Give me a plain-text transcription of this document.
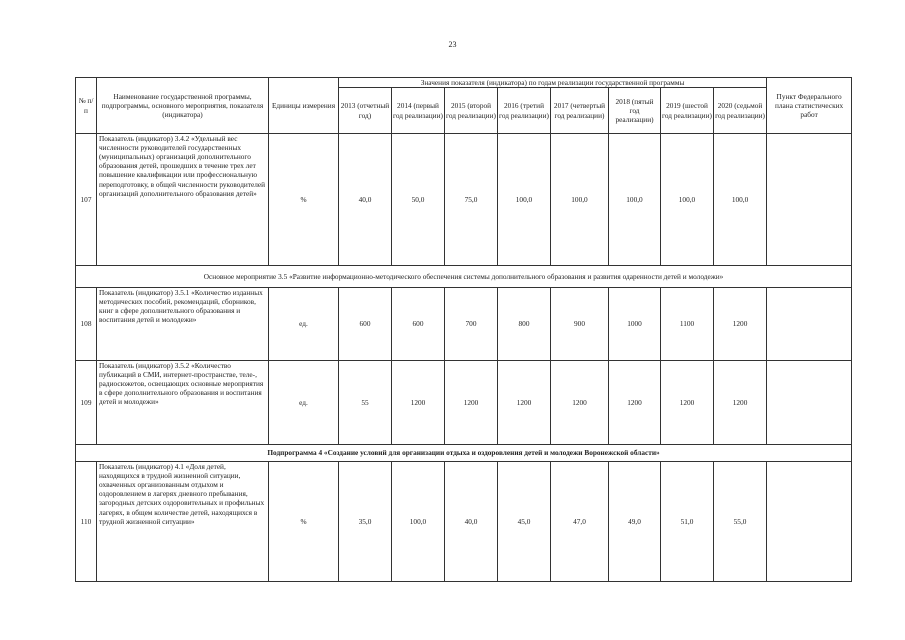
23
№ п/п	Наименование государственной программы, подпрограммы, основного мероприятия, показателя (индикатора)	Единицы измерения	Значения показателя (индикатора) по годам реализации государственной программы								Пункт Федерального плана статистических работ
			2013 (отчетный год)	2014 (первый год реализации)	2015 (второй год реализации)	2016 (третий год реализации)	2017 (четвертый год реализации)	2018 (пятый год реализации)	2019 (шестой год реализации)	2020 (седьмой год реализации)	
107	Показатель (индикатор) 3.4.2 «Удельный вес численности руководителей государственных (муниципальных) организаций дополнительного образования детей, прошедших в течение трех лет повышение квалификации или профессиональную переподготовку, в общей численности руководителей организаций дополнительного образования детей»	%	40,0	50,0	75,0	100,0	100,0	100,0	100,0	100,0	
Основное мероприятие 3.5 «Развитие информационно-методического обеспечения системы дополнительного образования и развития одаренности детей и молодежи»											
108	Показатель (индикатор) 3.5.1 «Количество изданных методических пособий, рекомендаций, сборников, книг в сфере дополнительного образования и воспитания детей и молодежи»	ед.	600	600	700	800	900	1000	1100	1200	
109	Показатель (индикатор) 3.5.2 «Количество публикаций в СМИ, интернет-пространстве, теле-, радиосюжетов, освещающих основные мероприятия в сфере дополнительного образования и воспитания детей и молодежи»	ед.	55	1200	1200	1200	1200	1200	1200	1200	
Подпрограмма 4 «Создание условий для организации отдыха и оздоровления детей и молодежи Воронежской области»											
110	Показатель (индикатор) 4.1 «Доля детей, находящихся в трудной жизненной ситуации, охваченных организованным отдыхом и оздоровлением в лагерях дневного пребывания, загородных детских оздоровительных и профильных лагерях, в общем количестве детей, находящихся в трудной жизненной ситуации»	%	35,0	100,0	40,0	45,0	47,0	49,0	51,0	55,0	
